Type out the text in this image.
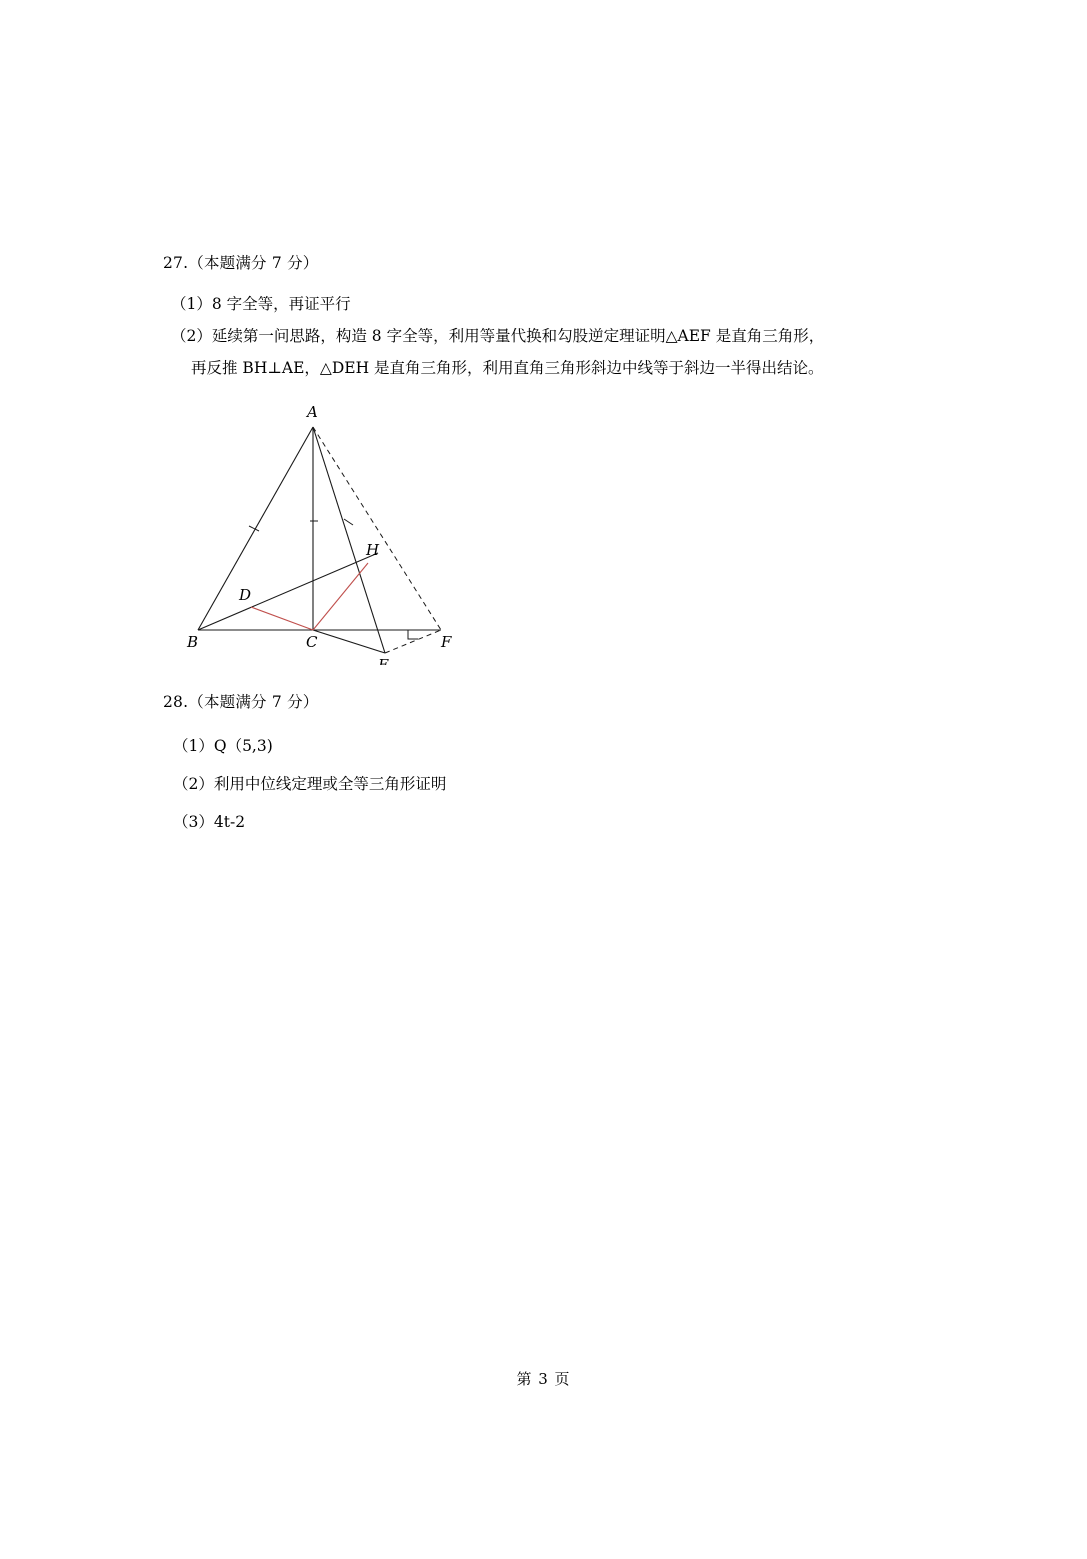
27.（本题满分 7 分）

（1）8 字全等，再证平行

（2）延续第一问思路，构造 8 字全等，利用等量代换和勾股逆定理证明△AEF 是直角三角形，

再反推 BH⊥AE，△DEH 是直角三角形，利用直角三角形斜边中线等于斜边一半得出结论。

A
B	C
D
E
F
H

28.（本题满分 7 分）

（1）Q（5,3)

（2）利用中位线定理或全等三角形证明

（3）4t-2

第 3 页
